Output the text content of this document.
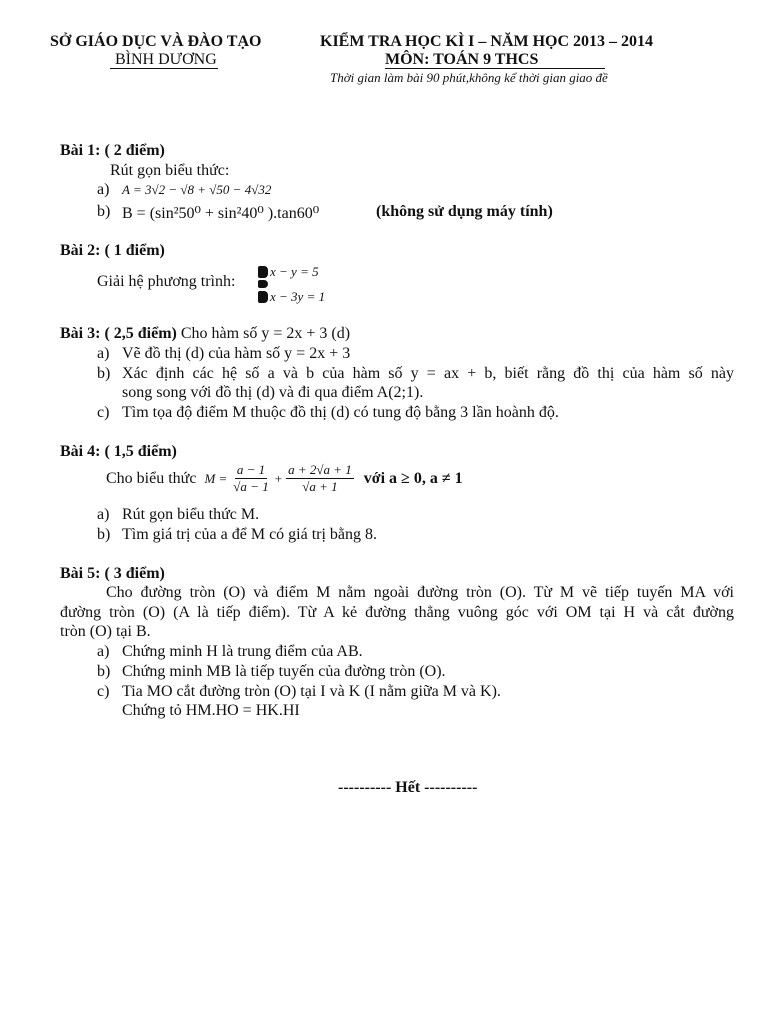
SỞ GIÁO DỤC VÀ ĐÀO TẠO
BÌNH DƯƠNG
KIỂM TRA HỌC KÌ I – NĂM HỌC 2013 – 2014
MÔN: TOÁN 9 THCS
Thời gian làm bài 90 phút,không kể thời gian giao đề
Bài 1: ( 2 điểm)
Rút gọn biểu thức:
a) A = 3√2 − √8 + √50 − 4√32
b) B = (sin²50⁰ + sin²40⁰ ).tan60⁰	(không sử dụng máy tính)
Bài 2: ( 1 điểm)
Giải hệ phương trình:
x − y = 5
x − 3y = 1
Bài 3: ( 2,5 điểm) Cho hàm số y = 2x + 3 (d)
a) Vẽ đồ thị (d) của hàm số y = 2x + 3
b) Xác định các hệ số a và b của hàm số y = ax + b, biết rằng đồ thị của hàm số này
song song với đồ thị (d) và đi qua điểm A(2;1).
c) Tìm tọa độ điểm M thuộc đồ thị (d) có tung độ bằng 3 lần hoành độ.
Bài 4: ( 1,5 điểm)
Cho biểu thức $M = \frac{a - 1}{√a - 1} + \frac{a + 2√a + 1}{√a + 1}$ với a ≥ 0, a ≠ 1
a) Rút gọn biểu thức M.
b) Tìm giá trị của a để M có giá trị bằng 8.
Bài 5: ( 3 điểm)
Cho đường tròn (O) và điểm M nằm ngoài đường tròn (O). Từ M vẽ tiếp tuyến MA với
đường tròn (O) (A là tiếp điểm). Từ A kẻ đường thẳng vuông góc với OM tại H và cắt đường
tròn (O) tại B.
a) Chứng minh H là trung điểm của AB.
b) Chứng minh MB là tiếp tuyến của đường tròn (O).
c) Tia MO cắt đường tròn (O) tại I và K (I nằm giữa M và K).
Chứng tỏ HM.HO = HK.HI
---------- Hết ----------
